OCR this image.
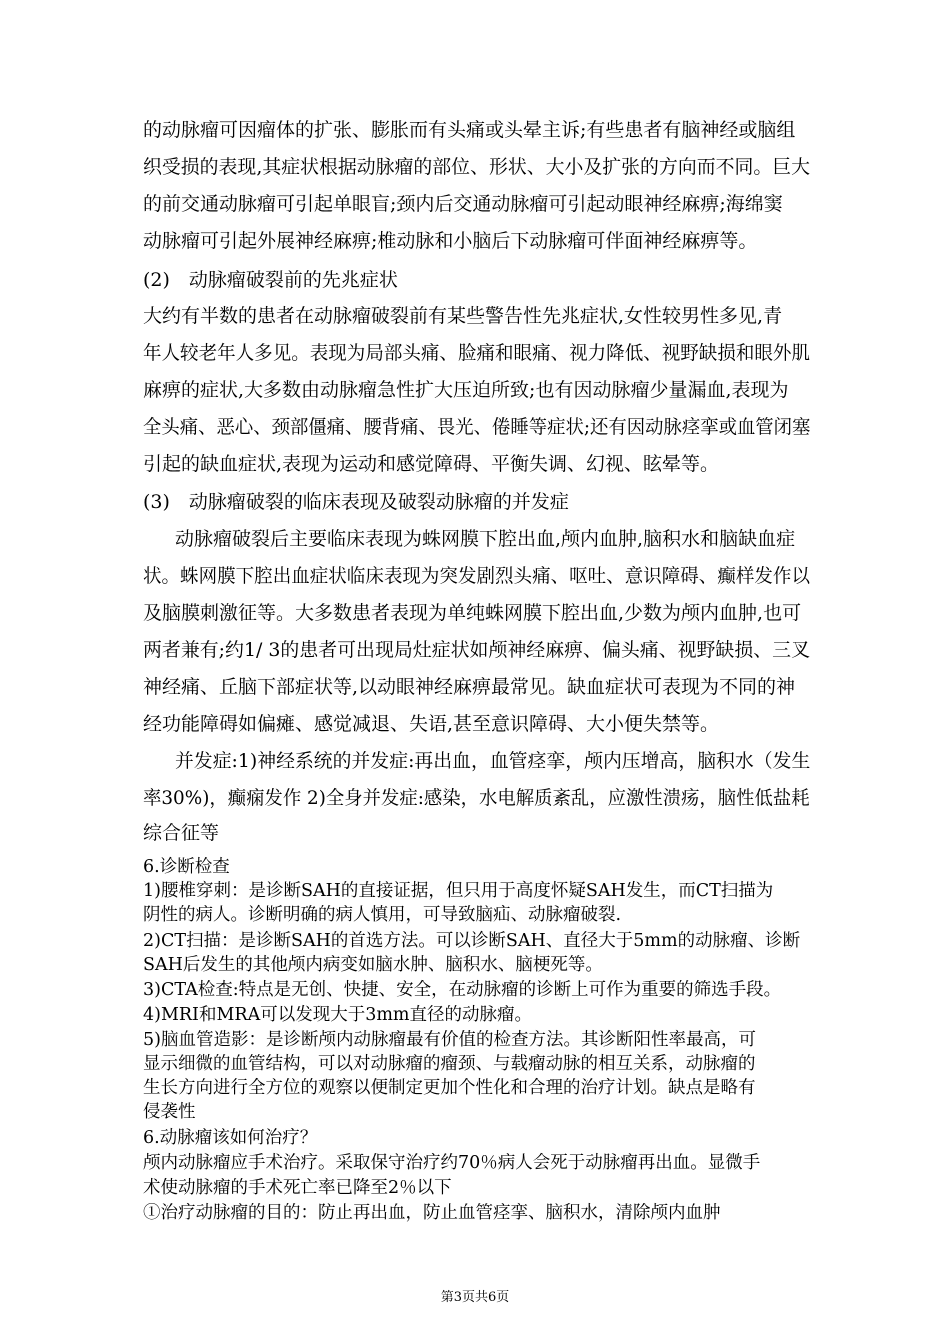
的动脉瘤可因瘤体的扩张、膨胀而有头痛或头晕主诉;有些患者有脑神经或脑组
织受损的表现,其症状根据动脉瘤的部位、形状、大小及扩张的方向而不同。巨大
的前交通动脉瘤可引起单眼盲;颈内后交通动脉瘤可引起动眼神经麻痹;海绵窦
动脉瘤可引起外展神经麻痹;椎动脉和小脑后下动脉瘤可伴面神经麻痹等。
(2)　动脉瘤破裂前的先兆症状
大约有半数的患者在动脉瘤破裂前有某些警告性先兆症状,女性较男性多见,青
年人较老年人多见。表现为局部头痛、脸痛和眼痛、视力降低、视野缺损和眼外肌
麻痹的症状,大多数由动脉瘤急性扩大压迫所致;也有因动脉瘤少量漏血,表现为
全头痛、恶心、颈部僵痛、腰背痛、畏光、倦睡等症状;还有因动脉痉挛或血管闭塞
引起的缺血症状,表现为运动和感觉障碍、平衡失调、幻视、眩晕等。
(3)　动脉瘤破裂的临床表现及破裂动脉瘤的并发症
动脉瘤破裂后主要临床表现为蛛网膜下腔出血,颅内血肿,脑积水和脑缺血症
状。蛛网膜下腔出血症状临床表现为突发剧烈头痛、呕吐、意识障碍、癫样发作以
及脑膜刺激征等。大多数患者表现为单纯蛛网膜下腔出血,少数为颅内血肿,也可
两者兼有;约1/ 3的患者可出现局灶症状如颅神经麻痹、偏头痛、视野缺损、三叉
神经痛、丘脑下部症状等,以动眼神经麻痹最常见。缺血症状可表现为不同的神
经功能障碍如偏瘫、感觉减退、失语,甚至意识障碍、大小便失禁等。
并发症:1)神经系统的并发症:再出血，血管痉挛，颅内压增高，脑积水（发生
率30%)，癫痫发作 2)全身并发症:感染，水电解质紊乱，应激性溃疡，脑性低盐耗
综合征等
6.诊断检查
1)腰椎穿刺：是诊断SAH的直接证据，但只用于高度怀疑SAH发生，而CT扫描为
阴性的病人。诊断明确的病人慎用，可导致脑疝、动脉瘤破裂.
2)CT扫描：是诊断SAH的首选方法。可以诊断SAH、直径大于5mm的动脉瘤、诊断
SAH后发生的其他颅内病变如脑水肿、脑积水、脑梗死等。
3)CTA检查:特点是无创、快捷、安全，在动脉瘤的诊断上可作为重要的筛选手段。
4)MRI和MRA可以发现大于3mm直径的动脉瘤。
5)脑血管造影：是诊断颅内动脉瘤最有价值的检查方法。其诊断阳性率最高，可
显示细微的血管结构，可以对动脉瘤的瘤颈、与载瘤动脉的相互关系，动脉瘤的
生长方向进行全方位的观察以便制定更加个性化和合理的治疗计划。缺点是略有
侵袭性
6.动脉瘤该如何治疗？
颅内动脉瘤应手术治疗。采取保守治疗约70％病人会死于动脉瘤再出血。显微手
术使动脉瘤的手术死亡率已降至2％以下
①治疗动脉瘤的目的：防止再出血，防止血管痉挛、脑积水，清除颅内血肿
第3页共6页
